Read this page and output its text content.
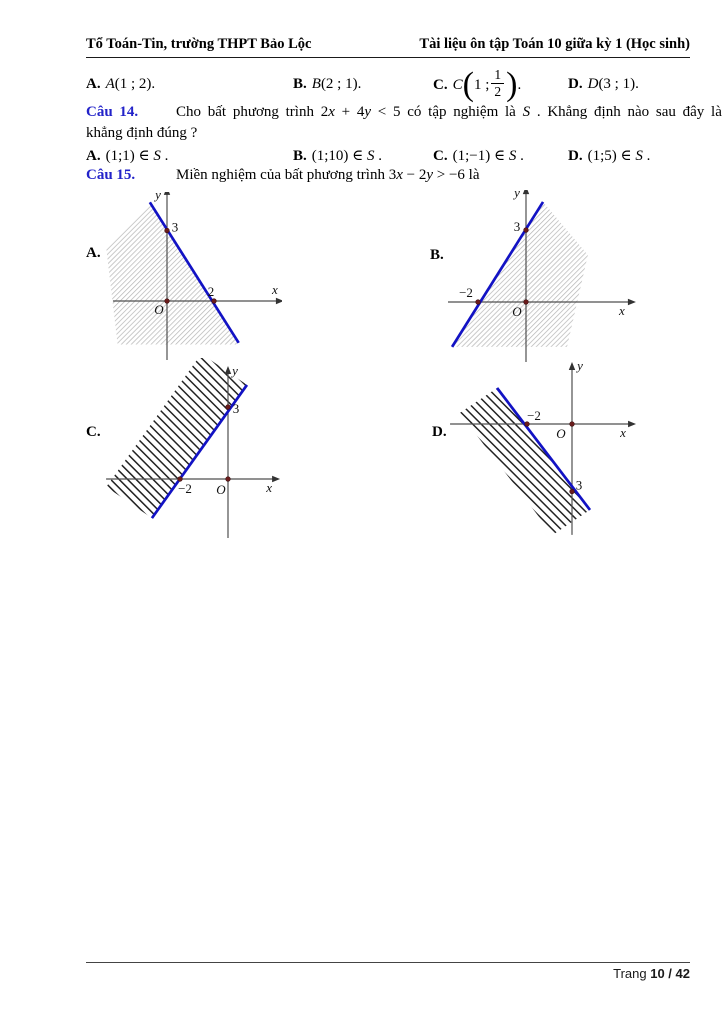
Tổ Toán-Tin, trường THPT Bảo Lộc	Tài liệu ôn tập Toán 10 giữa kỳ 1 (Học sinh)
A. A(1 ; 2).	B. B(2 ; 1).	C. C(1 ; $\frac{1}{2}$ ).	D. D(3 ; 1).
Câu 14.	Cho bất phương trình 2x + 4y < 5 có tập nghiệm là S . Khẳng định nào sau đây là
khẳng định đúng ?
A. (1;1) ∈ S .	B. (1;10) ∈ S .	C. (1;−1) ∈ S .	D. (1;5) ∈ S .
Câu 15.	Miền nghiệm của bất phương trình 3x − 2y > −6 là
A.
3
2
O
x
y
B.
3
−2
O	x
y
C.
3
−2 O	x
y
D.
−2
3
O	x
y
Trang 10 / 42
